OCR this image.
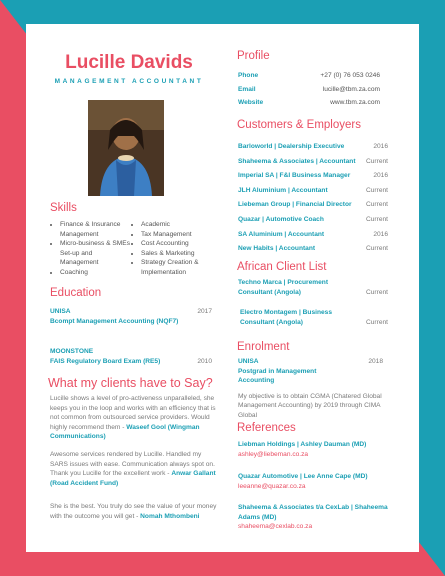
Lucille Davids
MANAGEMENT ACCOUNTANT
Skills
• Finance & Insurance Management
• Micro-business & SMEs Set-up and Management
• Coaching
• Academic
• Tax Management
• Cost Accounting
• Sales & Marketing
• Strategy Creation & Implementation
Education
UNISA	2017
Bcompt Management Accounting (NQF7)
MOONSTONE
FAIS Regulatory Board Exam (RE5)	2010
What my clients have to Say?
Lucille shows a level of pro-activeness unparalleled, she keeps you in the loop and works with an efficiency that is not common from outsourced service providers. Would highly recommend them - Waseef Gool (Wingman Communications)
Awesome services rendered by Lucille. Handled my SARS issues with ease. Communication always spot on. Thank you Lucille for the excellent work - Anwar Gallant (Road Accident Fund)
She is the best. You truly do see the value of your money with the outcome you will get - Nomah Mthombeni
Profile
Phone	+27 (0) 76 053 0246
Email	lucille@tbm.za.com
Website	www.tbm.za.com
Customers & Employers
Barloworld | Dealership Executive	2016
Shaheema & Associates | Accountant Current
Imperial SA | F&I Business Manager	2016
JLH Aluminium | Accountant	Current
Liebeman Group | Financial Director Current
Quazar | Automotive Coach	Current
SA Aluminium | Accountant	2016
New Habits | Accountant	Current
African Client List
Techno Marca | Procurement Consultant (Angola)	Current
Electro Montagem | Business Consultant (Angola)	Current
Enrolment
UNISA	2018
Postgrad in Management Accounting
My objective is to obtain CGMA (Chatered Global Management Accounting) by 2019 through CIMA Global
References
Liebman Holdings | Ashley Dauman (MD)
ashley@liebeman.co.za
Quazar Automotive | Lee Anne Cape (MD)
leeanne@quazar.co.za
Shaheema & Associates t/a CexLab | Shaheema Adams (MD)
shaheema@cexlab.co.za
